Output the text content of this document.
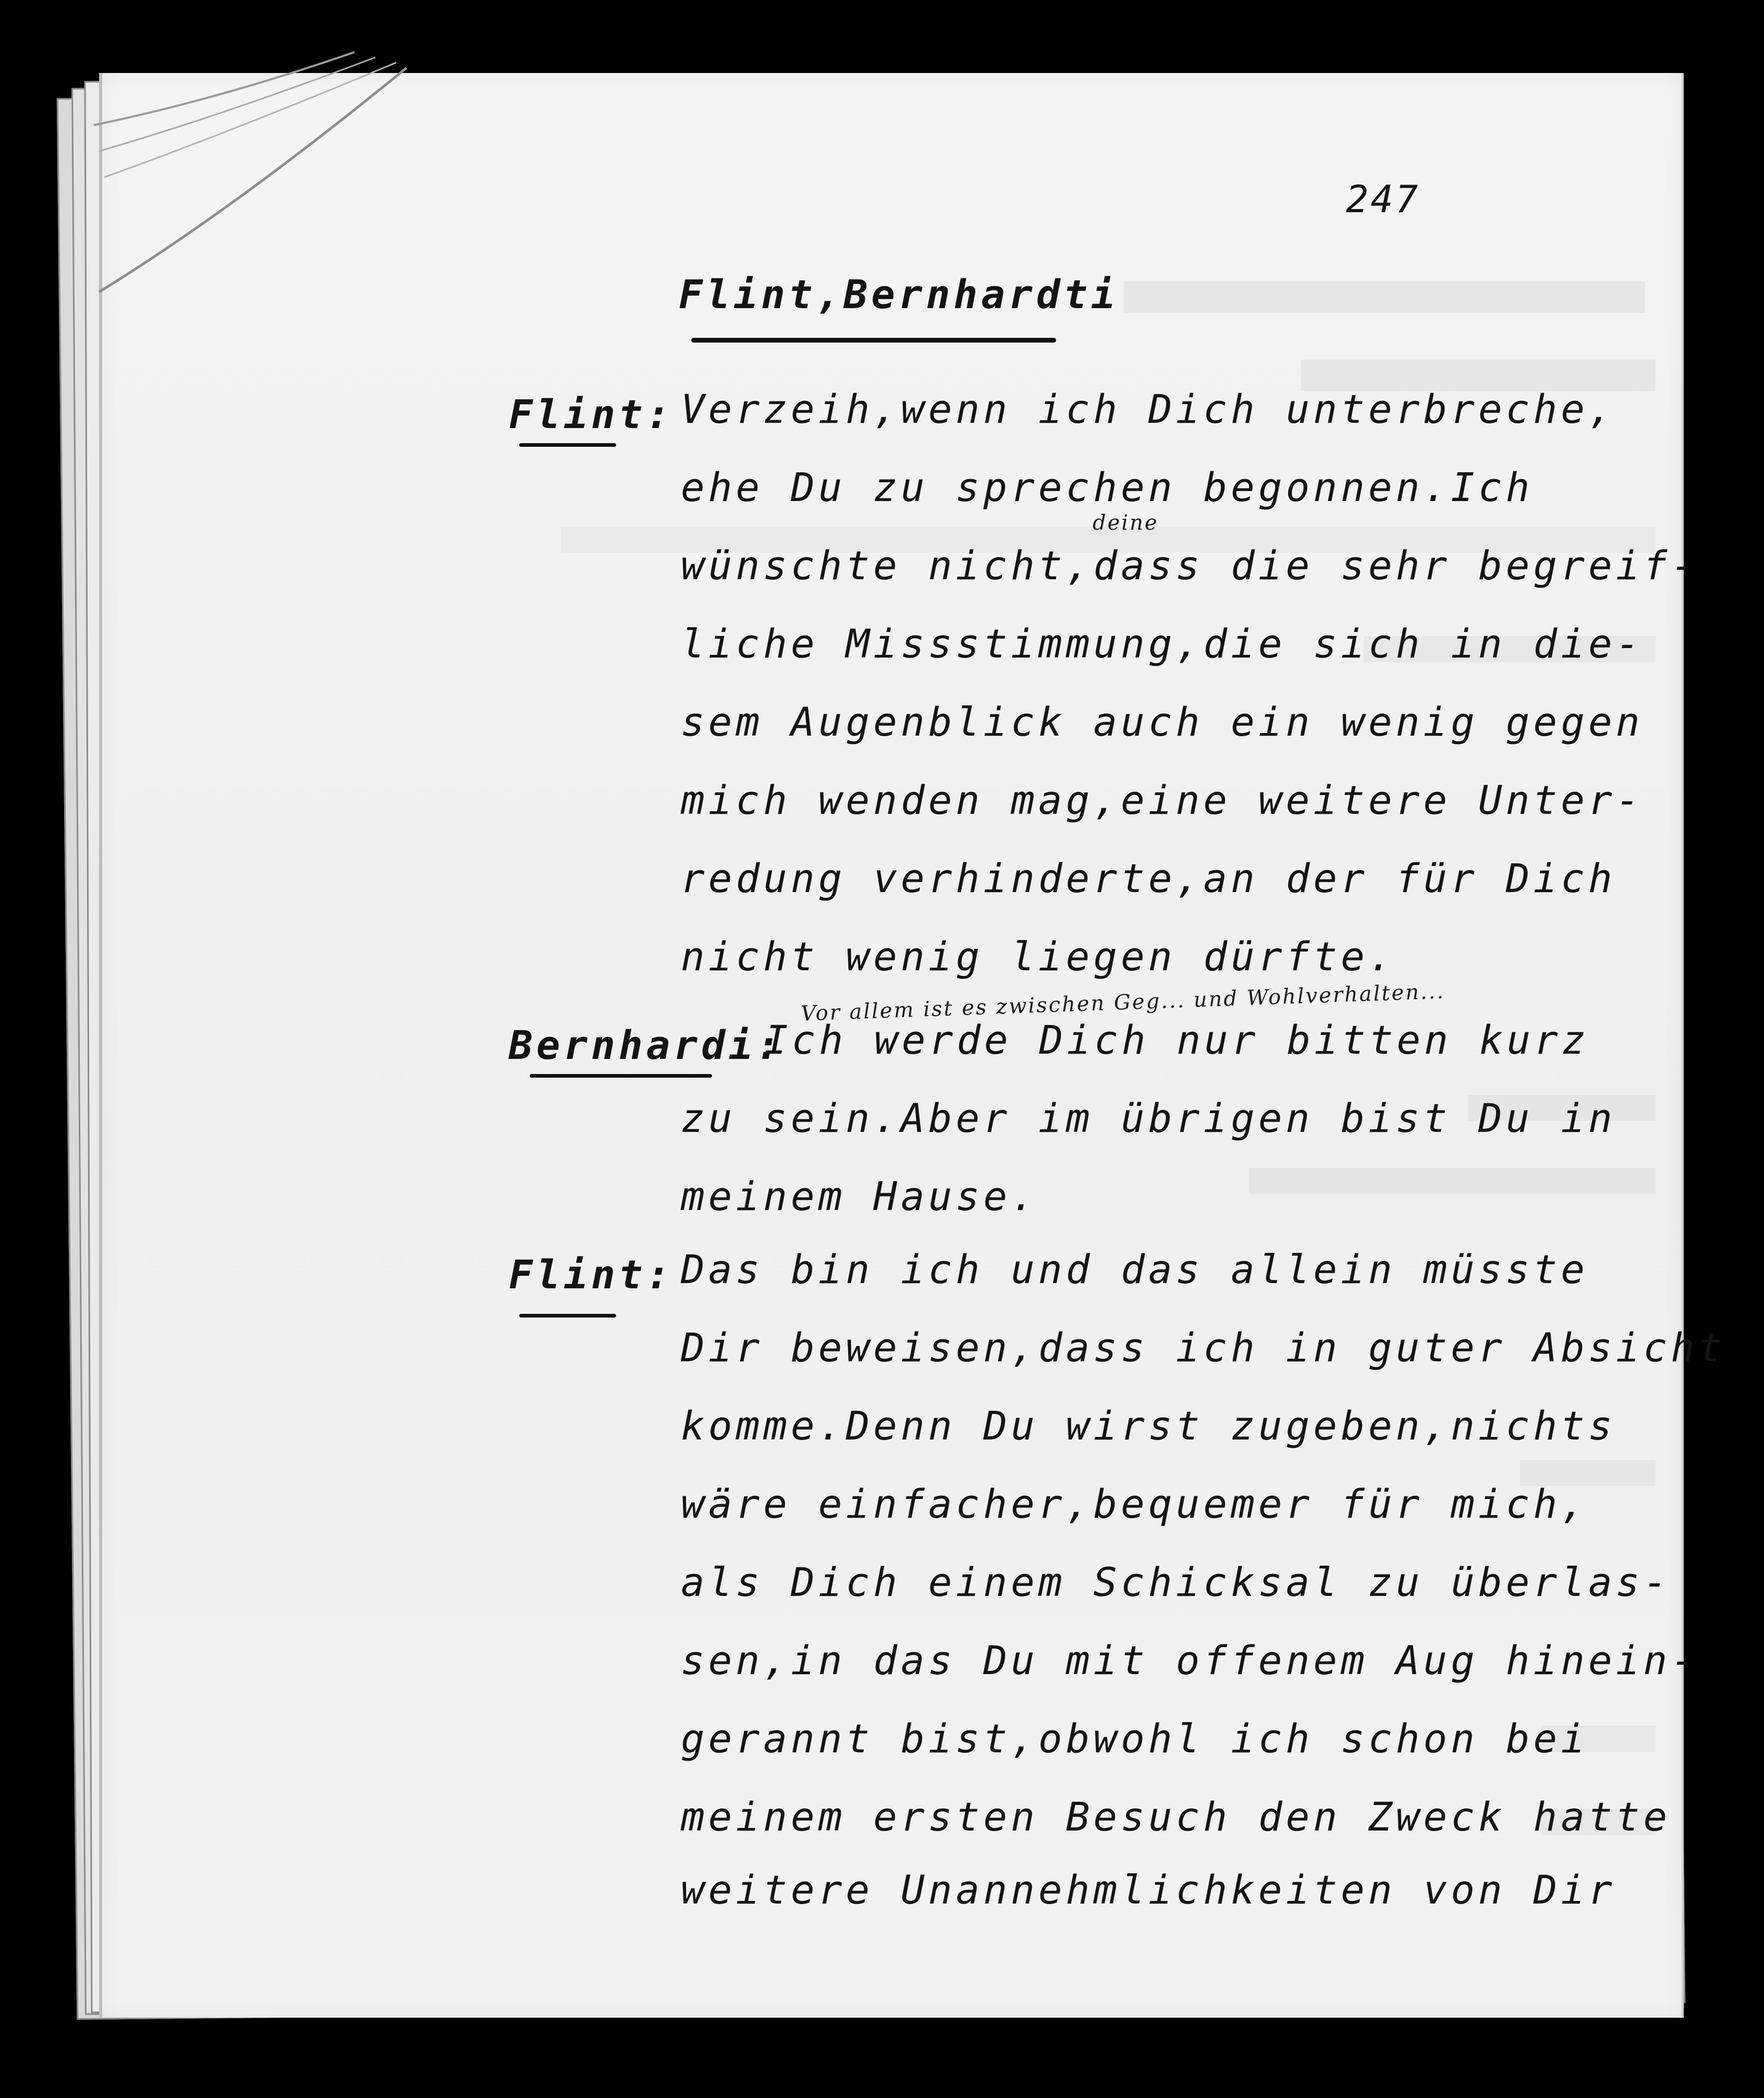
247
Flint,Bernhardti
Flint: Verzeih,wenn ich Dich unterbreche,
ehe Du zu sprechen begonnen.Ich
deine
wünschte nicht,dass die sehr begreif-
liche Missstimmung,die sich in die-
sem Augenblick auch ein wenig gegen
mich wenden mag,eine weitere Unter-
redung verhinderte,an der für Dich
nicht wenig liegen dürfte.
Vor allem ist es zwischen Geg... und Wohlverhalten...
Bernhardi:
Ich werde Dich nur bitten kurz
zu sein.Aber im übrigen bist Du in
meinem Hause.
Flint: Das bin ich und das allein müsste
Dir beweisen,dass ich in guter Absicht
komme.Denn Du wirst zugeben,nichts
wäre einfacher,bequemer für mich,
als Dich einem Schicksal zu überlas-
sen,in das Du mit offenem Aug hinein-
gerannt bist,obwohl ich schon bei
meinem ersten Besuch den Zweck hatte
weitere Unannehmlichkeiten von Dir
